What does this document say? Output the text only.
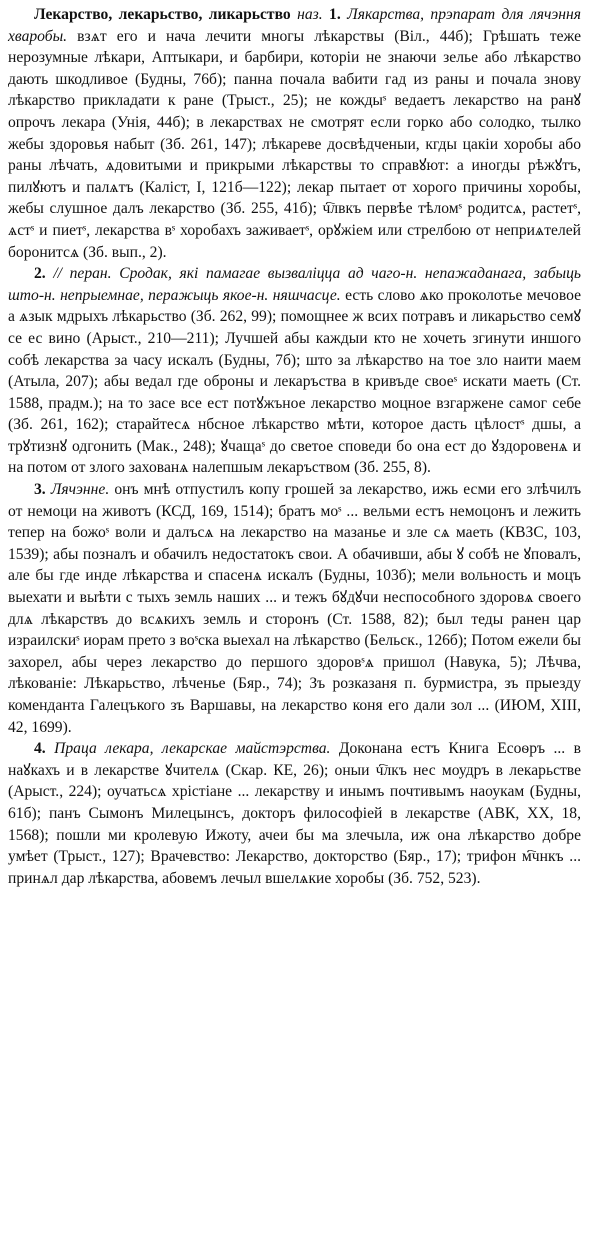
Лекарство, лекарьство, ликарьство наз. 1. Лякарства, прэпарат для лячэння хваробы. взѧт его и нача лечити многы лѣкарствы (Віл., 44б); Грѣшать теже нерозумные лѣкари, Аптыкари, и барбири, которіи не знаючи зелье або лѣкарство дають шкодливое (Будны, 76б); панна почала вабити гад из раны и почала знову лѣкарство прикладати к ране (Трыст., 25); не кождыˢ ведаетъ лекарство на ранꙋ опрочъ лекара (Унія, 44б); в лекарствах не смотрят если горко або солодко, тылко жебы здоровья набыт (Зб. 261, 147); лѣкареве досвѣдченыи, кгды цакіи хоробы або раны лѣчать, ѧдовитыми и прикрыми лѣкарствы то справꙋют: а иногды рѣжꙋтъ, пилꙋютъ и палѧтъ (Каліст, І, 121б—122); лекар пытает от хорого причины хоробы, жебы слушное далъ лекарство (Зб. 255, 41б); ч҇лвкъ первѣе тѣломˢ родитсѧ, растетˢ, ѧстˢ и пиетˢ, лекарства вˢ хоробахъ заживаетˢ, орꙋжіем или стрелбою от неприѧтелей боронитсѧ (Зб. вып., 2).

2. // перан. Сродак, які памагае вызваліцца ад чаго-н. непажаданага, забыць што-н. непрыемнае, перажыць якое-н. няшчасце. есть слово ѧко проколотье мечовое а ѧзык мдрыхъ лѣкарьство (Зб. 262, 99); помощнее ж всих потравъ и ликарьство семꙋ се ес вино (Арыст., 210—211); Лучшей абы каждыи кто не хочеть згинути иншого собѣ лекарства за часу искалъ (Будны, 7б); што за лѣкарство на тое зло наити маем (Атыла, 207); абы ведал где оброны и лекаръства в кривъде своеˢ искати маеть (Ст. 1588, прадм.); на то засе все ест потꙋжъное лекарство моцное взгаржене самог себе (Зб. 261, 162); старайтесѧ нбсное лѣкарство мѣти, которое дасть цѣлостˢ дшы, а трꙋтизнꙋ одгонить (Мак., 248); ꙋчащаˢ до светое споведи бо она ест до ꙋздоровенѧ и на потом от злого захованѧ налепшым лекаръством (Зб. 255, 8).

3. Лячэнне. онъ мнѣ отпустилъ копу грошей за лекарство, ижь есми его злѣчилъ от немоци на животъ (КСД, 169, 1514); братъ моˢ ... вельми естъ немоцонъ и лежить тепер на божоˢ воли и далъсѧ на лекарство на мазанье и зле сѧ маеть (КВЗС, 103, 1539); абы позналъ и обачилъ недостатокъ свои. А обачивши, абы ꙋ собѣ не ꙋповалъ, але бы где инде лѣкарства и спасенѧ искалъ (Будны, 103б); мели вольность и моцъ выехати и выѣти с тыхъ земль наших ... и тежъ бꙋдꙋчи неспособного здоровѧ своего длѧ лѣкарствъ до всѧкихъ земль и сторонъ (Ст. 1588, 82); был теды ранен цар израилскиˢ иорам прето з воˢска выехал на лѣкарство (Бельск., 126б); Потом ежели бы захорел, абы через лекарство до першого здоровˢѧ пришол (Навука, 5); Лѣчва, лѣкованіе: Лѣкарьство, лѣченье (Бяр., 74); Зъ розказаня п. бурмистра, зъ прыезду коменданта Галецъкого зъ Варшавы, на лекарство коня его дали зол ... (ИЮМ, XIII, 42, 1699).

4. Праца лекара, лекарскае майстэрства. Доконана естъ Книга Есоѳръ ... в наꙋкахъ и в лекарстве ꙋчителѧ (Скар. КЕ, 26); оныи ч҇лкъ нес моудръ в лекарьстве (Арыст., 224); оучатьсѧ хрістіане ... лекарству и инымъ почтивымъ наоукам (Будны, 61б); панъ Сымонъ Милецынсъ, докторъ философіей в лекарстве (АВК, XX, 18, 1568); пошли ми кролевую Ижоту, ачеи бы ма злечыла, иж она лѣкарство добре умѣет (Трыст., 127); Врачевство: Лекарство, докторство (Бяр., 17); трифон м҇чнкъ ... принѧл дар лѣкарства, абовемъ лечыл вшелѧкие хоробы (Зб. 752, 523).
